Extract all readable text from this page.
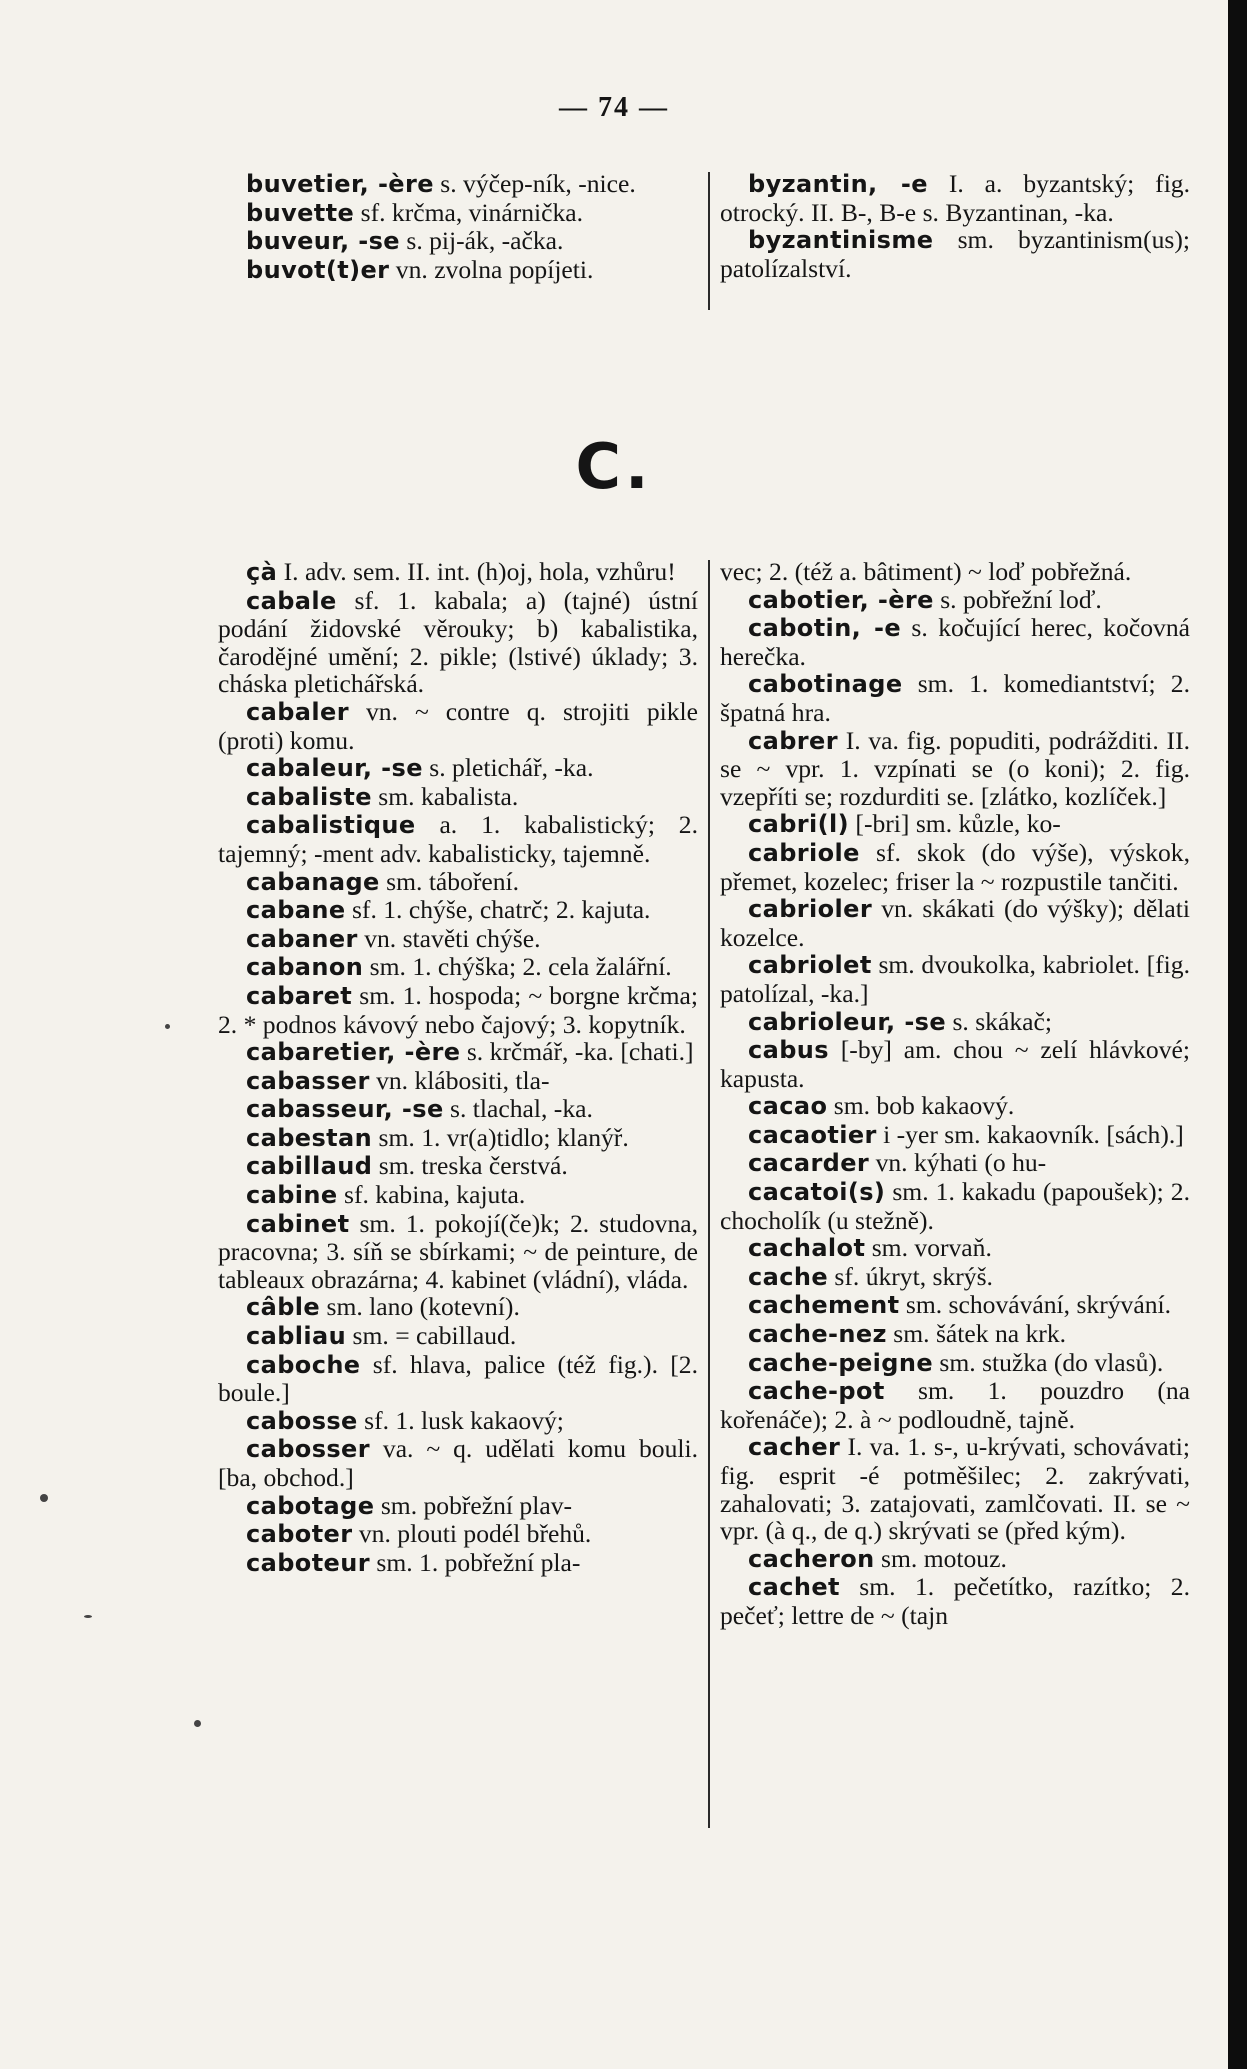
— 74 —

buvetier, -ère s. výčep-ník, -nice.

buvette sf. krčma, vinárnička.

buveur, -se s. pij-ák, -ačka.

buvot(t)er vn. zvolna popíjeti.

byzantin, -e I. a. byzantský; fig. otrocký. II. B-, B-e s. Byzantinan, -ka.

byzantinisme sm. byzantinism(us); patolízalství.

C.

çà I. adv. sem. II. int. (h)oj, hola, vzhůru!

cabale sf. 1. kabala; a) (tajné) ústní podání židovské věrouky; b) kabalistika, čarodějné umění; 2. pikle; (lstivé) úklady; 3. cháska pletichářská.

cabaler vn. ~ contre q. strojiti pikle (proti) komu.

cabaleur, -se s. pletichář, -ka.

cabaliste sm. kabalista.

cabalistique a. 1. kabalistický; 2. tajemný; -ment adv. kabalisticky, tajemně.

cabanage sm. táboření.

cabane sf. 1. chýše, chatrč; 2. kajuta.

cabaner vn. stavěti chýše.

cabanon sm. 1. chýška; 2. cela žalářní.

cabaret sm. 1. hospoda; ~ borgne krčma; 2. * podnos kávový nebo čajový; 3. kopytník.

cabaretier, -ère s. krčmář, -ka. [chati.]

cabasser vn. klábositi, tla-

cabasseur, -se s. tlachal, -ka.

cabestan sm. 1. vr(a)tidlo; klanýř.

cabillaud sm. treska čerstvá.

cabine sf. kabina, kajuta.

cabinet sm. 1. pokojí(če)k; 2. studovna, pracovna; 3. síň se sbírkami; ~ de peinture, de tableaux obrazárna; 4. kabinet (vládní), vláda.

câble sm. lano (kotevní).

cabliau sm. = cabillaud.

caboche sf. hlava, palice (též fig.). [2. boule.]

cabosse sf. 1. lusk kakaový;

cabosser va. ~ q. udělati komu bouli. [ba, obchod.]

cabotage sm. pobřežní plav-

caboter vn. plouti podél břehů.

caboteur sm. 1. pobřežní pla-

vec; 2. (též a. bâtiment) ~ loď pobřežná.

cabotier, -ère s. pobřežní loď.

cabotin, -e s. kočující herec, kočovná herečka.

cabotinage sm. 1. komediantství; 2. špatná hra.

cabrer I. va. fig. popuditi, podrážditi. II. se ~ vpr. 1. vzpínati se (o koni); 2. fig. vzepříti se; rozdurditi se. [zlátko, kozlíček.]

cabri(l) [-bri] sm. kůzle, ko-

cabriole sf. skok (do výše), výskok, přemet, kozelec; friser la ~ rozpustile tančiti.

cabrioler vn. skákati (do výšky); dělati kozelce.

cabriolet sm. dvoukolka, kabriolet. [fig. patolízal, -ka.]

cabrioleur, -se s. skákač;

cabus [-by] am. chou ~ zelí hlávkové; kapusta.

cacao sm. bob kakaový.

cacaotier i -yer sm. kakaovník. [sách).]

cacarder vn. kýhati (o hu-

cacatoi(s) sm. 1. kakadu (papoušek); 2. chocholík (u stežně).

cachalot sm. vorvaň.

cache sf. úkryt, skrýš.

cachement sm. schovávání, skrývání.

cache-nez sm. šátek na krk.

cache-peigne sm. stužka (do vlasů).

cache-pot sm. 1. pouzdro (na kořenáče); 2. à ~ podloudně, tajně.

cacher I. va. 1. s-, u-krývati, schovávati; fig. esprit -é potměšilec; 2. zakrývati, zahalovati; 3. zatajovati, zamlčovati. II. se ~ vpr. (à q., de q.) skrývati se (před kým).

cacheron sm. motouz.

cachet sm. 1. pečetítko, razítko; 2. pečeť; lettre de ~ (tajn
